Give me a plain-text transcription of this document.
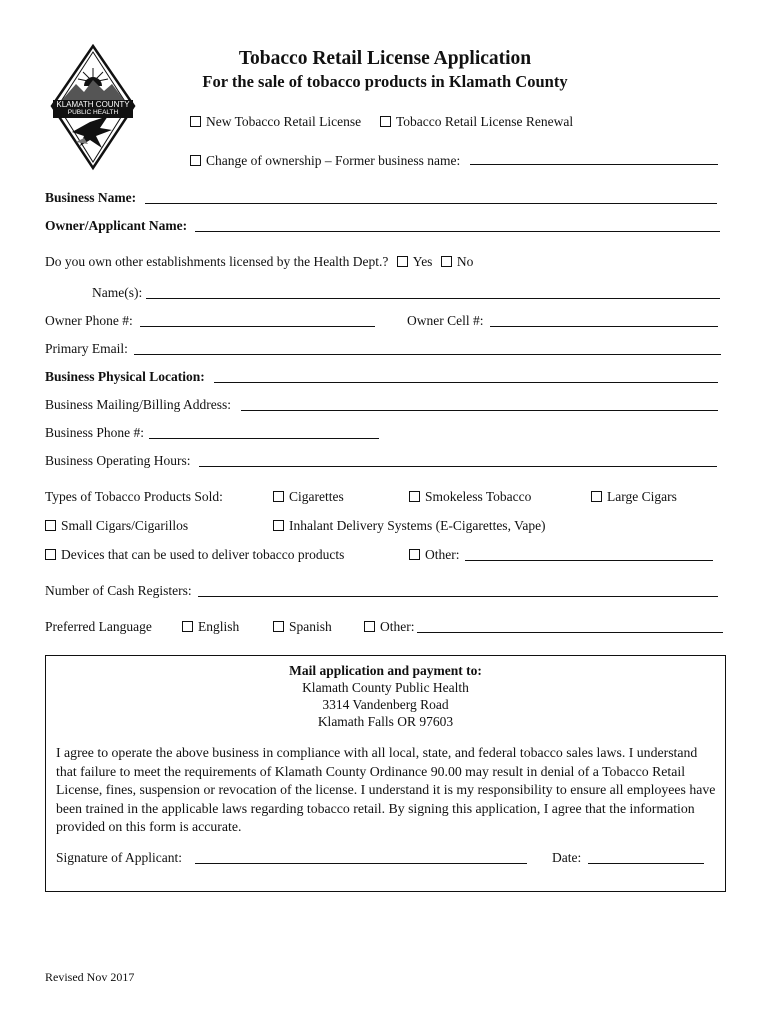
KLAMATH COUNTY
PUBLIC HEALTH
Tobacco Retail License Application
For the sale of tobacco products in Klamath County
New Tobacco Retail License	Tobacco Retail License Renewal
Change of ownership – Former business name:
Business Name:
Owner/Applicant Name:
Do you own other establishments licensed by the Health Dept.? Yes No
Name(s):
Owner Phone #:	Owner Cell #:
Primary Email:
Business Physical Location:
Business Mailing/Billing Address:
Business Phone #:
Business Operating Hours:
Types of Tobacco Products Sold:	Cigarettes	Smokeless Tobacco	Large Cigars
Small Cigars/Cigarillos	Inhalant Delivery Systems (E-Cigarettes, Vape)
Devices that can be used to deliver tobacco products	Other:
Number of Cash Registers:
Preferred Language	English	Spanish	Other:
Mail application and payment to:
Klamath County Public Health
3314 Vandenberg Road
Klamath Falls OR 97603
I agree to operate the above business in compliance with all local, state, and federal tobacco sales laws. I understand that failure to meet the requirements of Klamath County Ordinance 90.00 may result in denial of a Tobacco Retail License, fines, suspension or revocation of the license. I understand it is my responsibility to ensure all employees have been trained in the applicable laws regarding tobacco retail. By signing this application, I agree that the information provided on this form is accurate.
Signature of Applicant:	Date:
Revised Nov 2017
